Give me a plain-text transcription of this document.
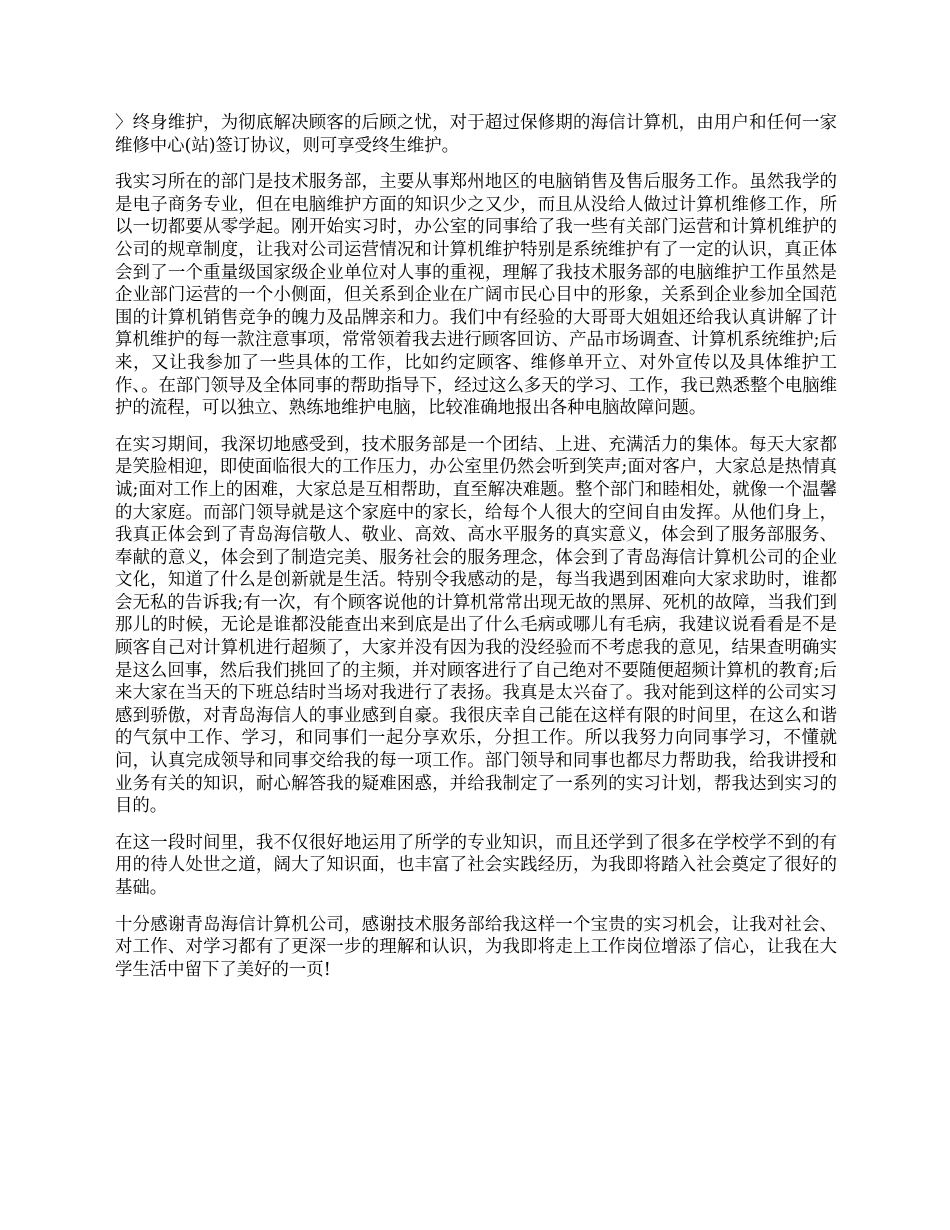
〉终身维护，为彻底解决顾客的后顾之忧，对于超过保修期的海信计算机，由用户和任何一家维修中心(站)签订协议，则可享受终生维护。

我实习所在的部门是技术服务部，主要从事郑州地区的电脑销售及售后服务工作。虽然我学的是电子商务专业，但在电脑维护方面的知识少之又少，而且从没给人做过计算机维修工作，所以一切都要从零学起。刚开始实习时，办公室的同事给了我一些有关部门运营和计算机维护的公司的规章制度，让我对公司运营情况和计算机维护特别是系统维护有了一定的认识，真正体会到了一个重量级国家级企业单位对人事的重视，理解了我技术服务部的电脑维护工作虽然是企业部门运营的一个小侧面，但关系到企业在广阔市民心目中的形象，关系到企业参加全国范围的计算机销售竞争的魄力及品牌亲和力。我们中有经验的大哥哥大姐姐还给我认真讲解了计算机维护的每一款注意事项，常常领着我去进行顾客回访、产品市场调查、计算机系统维护;后来，又让我参加了一些具体的工作，比如约定顾客、维修单开立、对外宣传以及具体维护工作、。在部门领导及全体同事的帮助指导下，经过这么多天的学习、工作，我已熟悉整个电脑维护的流程，可以独立、熟练地维护电脑，比较准确地报出各种电脑故障问题。

在实习期间，我深切地感受到，技术服务部是一个团结、上进、充满活力的集体。每天大家都是笑脸相迎，即使面临很大的工作压力，办公室里仍然会听到笑声;面对客户，大家总是热情真诚;面对工作上的困难，大家总是互相帮助，直至解决难题。整个部门和睦相处，就像一个温馨的大家庭。而部门领导就是这个家庭中的家长，给每个人很大的空间自由发挥。从他们身上，我真正体会到了青岛海信敬人、敬业、高效、高水平服务的真实意义，体会到了服务部服务、奉献的意义，体会到了制造完美、服务社会的服务理念，体会到了青岛海信计算机公司的企业文化，知道了什么是创新就是生活。特别令我感动的是，每当我遇到困难向大家求助时，谁都会无私的告诉我;有一次，有个顾客说他的计算机常常出现无故的黑屏、死机的故障，当我们到那儿的时候，无论是谁都没能查出来到底是出了什么毛病或哪儿有毛病，我建议说看看是不是顾客自己对计算机进行超频了，大家并没有因为我的没经验而不考虑我的意见，结果查明确实是这么回事，然后我们挑回了的主频，并对顾客进行了自己绝对不要随便超频计算机的教育;后来大家在当天的下班总结时当场对我进行了表扬。我真是太兴奋了。我对能到这样的公司实习感到骄傲，对青岛海信人的事业感到自豪。我很庆幸自己能在这样有限的时间里，在这么和谐的气氛中工作、学习，和同事们一起分享欢乐，分担工作。所以我努力向同事学习，不懂就问，认真完成领导和同事交给我的每一项工作。部门领导和同事也都尽力帮助我，给我讲授和业务有关的知识，耐心解答我的疑难困惑，并给我制定了一系列的实习计划，帮我达到实习的目的。

在这一段时间里，我不仅很好地运用了所学的专业知识，而且还学到了很多在学校学不到的有用的待人处世之道，阔大了知识面，也丰富了社会实践经历，为我即将踏入社会奠定了很好的基础。

十分感谢青岛海信计算机公司，感谢技术服务部给我这样一个宝贵的实习机会，让我对社会、对工作、对学习都有了更深一步的理解和认识，为我即将走上工作岗位增添了信心，让我在大学生活中留下了美好的一页!
